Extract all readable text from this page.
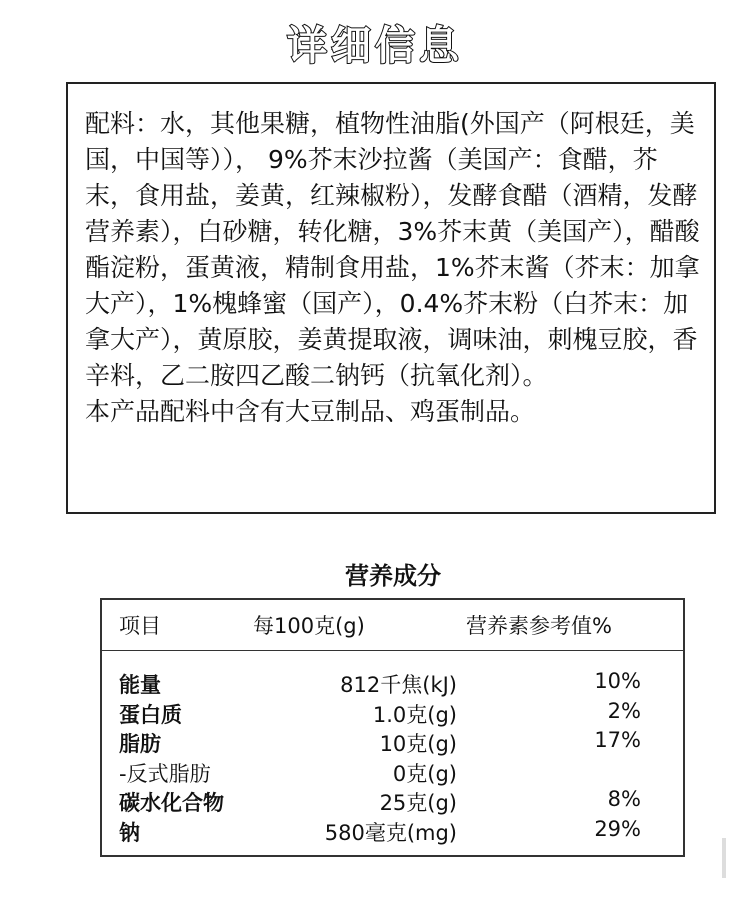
详细信息

配料：水，其他果糖，植物性油脂(外国产（阿根廷，美国，中国等））， 9%芥末沙拉酱（美国产：食醋，芥末，食用盐，姜黄，红辣椒粉），发酵食醋（酒精，发酵营养素），白砂糖，转化糖，3%芥末黄（美国产），醋酸酯淀粉，蛋黄液，精制食用盐，1%芥末酱（芥末：加拿大产），1%槐蜂蜜（国产），0.4%芥末粉（白芥末：加拿大产），黄原胶，姜黄提取液，调味油，刺槐豆胶，香辛料，乙二胺四乙酸二钠钙（抗氧化剂）。

本产品配料中含有大豆制品、鸡蛋制品。

营养成分
项目	每100克(g)	营养素参考值%
能量	812千焦(kJ)	10%
蛋白质	1.0克(g)	2%
脂肪	10克(g)	17%
-反式脂肪	0克(g)
碳水化合物	25克(g)	8%
钠	580毫克(mg)	29%
